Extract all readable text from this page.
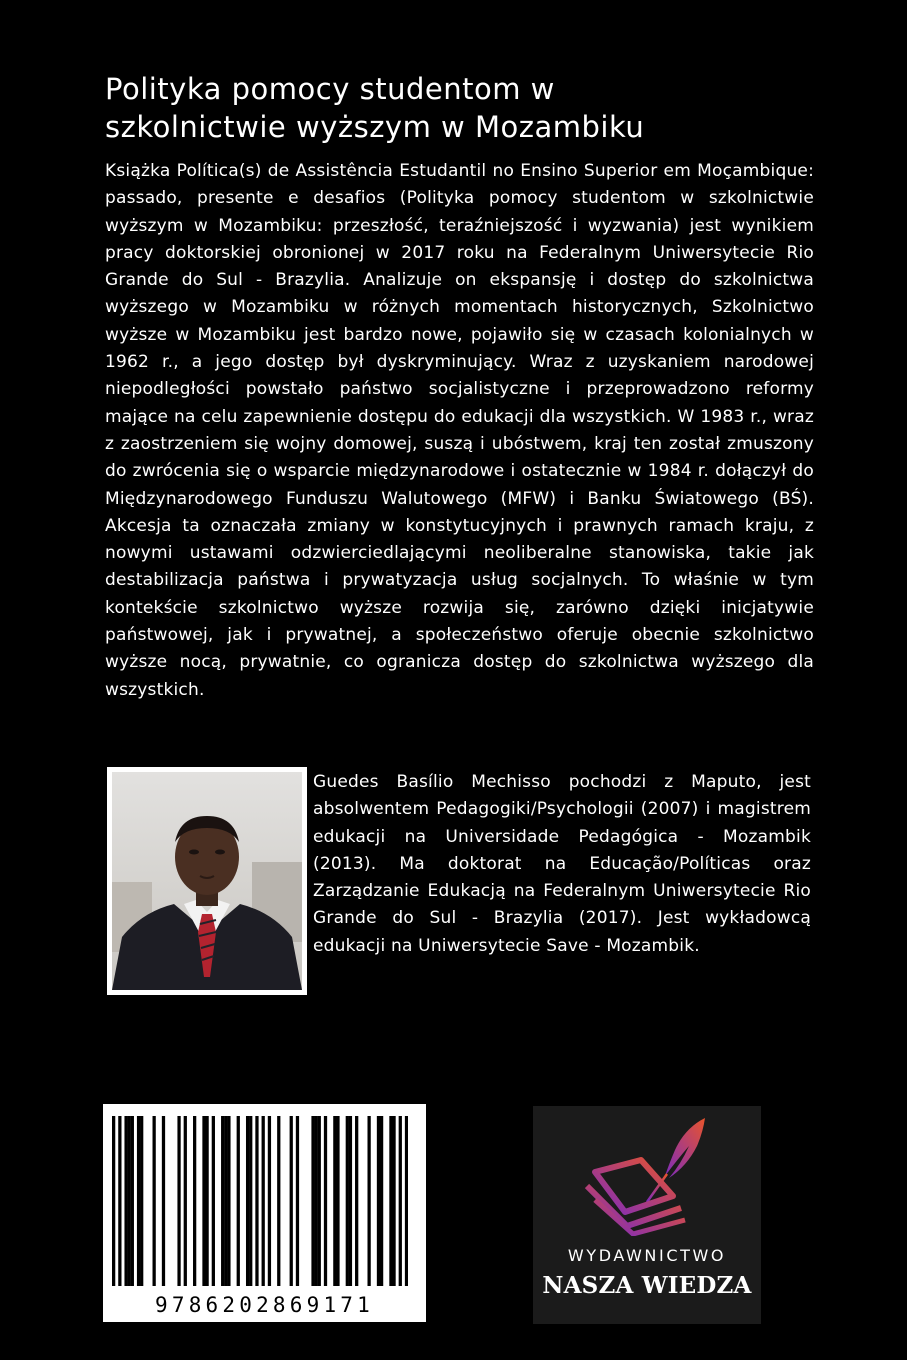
Polityka pomocy studentom w
szkolnictwie wyższym w Mozambiku
Książka Política(s) de Assistência Estudantil no Ensino Superior em Moçambique: passado, presente e desafios (Polityka pomocy studentom w szkolnictwie wyższym w Mozambiku: przeszłość, teraźniejszość i wyzwania) jest wynikiem pracy doktorskiej obronionej w 2017 roku na Federalnym Uniwersytecie Rio Grande do Sul - Brazylia. Analizuje on ekspansję i dostęp do szkolnictwa wyższego w Mozambiku w różnych momentach historycznych, Szkolnictwo wyższe w Mozambiku jest bardzo nowe, pojawiło się w czasach kolonialnych w 1962 r., a jego dostęp był dyskryminujący. Wraz z uzyskaniem narodowej niepodległości powstało państwo socjalistyczne i przeprowadzono reformy mające na celu zapewnienie dostępu do edukacji dla wszystkich. W 1983 r., wraz z zaostrzeniem się wojny domowej, suszą i ubóstwem, kraj ten został zmuszony do zwrócenia się o wsparcie międzynarodowe i ostatecznie w 1984 r. dołączył do Międzynarodowego Funduszu Walutowego (MFW) i Banku Światowego (BŚ). Akcesja ta oznaczała zmiany w konstytucyjnych i prawnych ramach kraju, z nowymi ustawami odzwierciedlającymi neoliberalne stanowiska, takie jak destabilizacja państwa i prywatyzacja usług socjalnych. To właśnie w tym kontekście szkolnictwo wyższe rozwija się, zarówno dzięki inicjatywie państwowej, jak i prywatnej, a społeczeństwo oferuje obecnie szkolnictwo wyższe nocą, prywatnie, co ogranicza dostęp do szkolnictwa wyższego dla wszystkich.
Guedes Basílio Mechisso pochodzi z Maputo, jest absolwentem Pedagogiki/Psychologii (2007) i magistrem edukacji na Universidade Pedagógica - Mozambik (2013). Ma doktorat na Educação/Políticas oraz Zarządzanie Edukacją na Federalnym Uniwersytecie Rio Grande do Sul - Brazylia (2017). Jest wykładowcą edukacji na Uniwersytecie Save - Mozambik.
9786202869171
WYDAWNICTWO
NASZA WIEDZA
